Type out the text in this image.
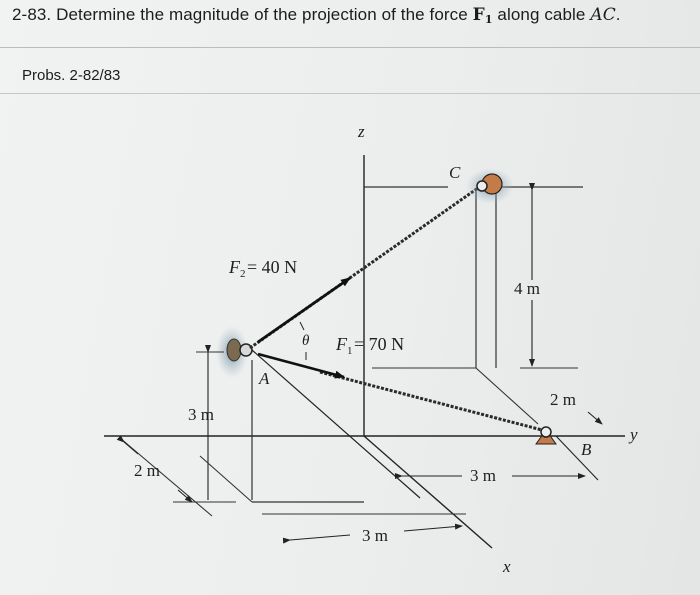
2-83. Determine the magnitude of the projection of the force $F_1$ along cable AC.
Probs. 2-82/83
z
y
x
4 m
2 m
A
3 m
2 m
3 m
3 m
C
B
F 2 = 40 N
θ F 1 = 70 N
